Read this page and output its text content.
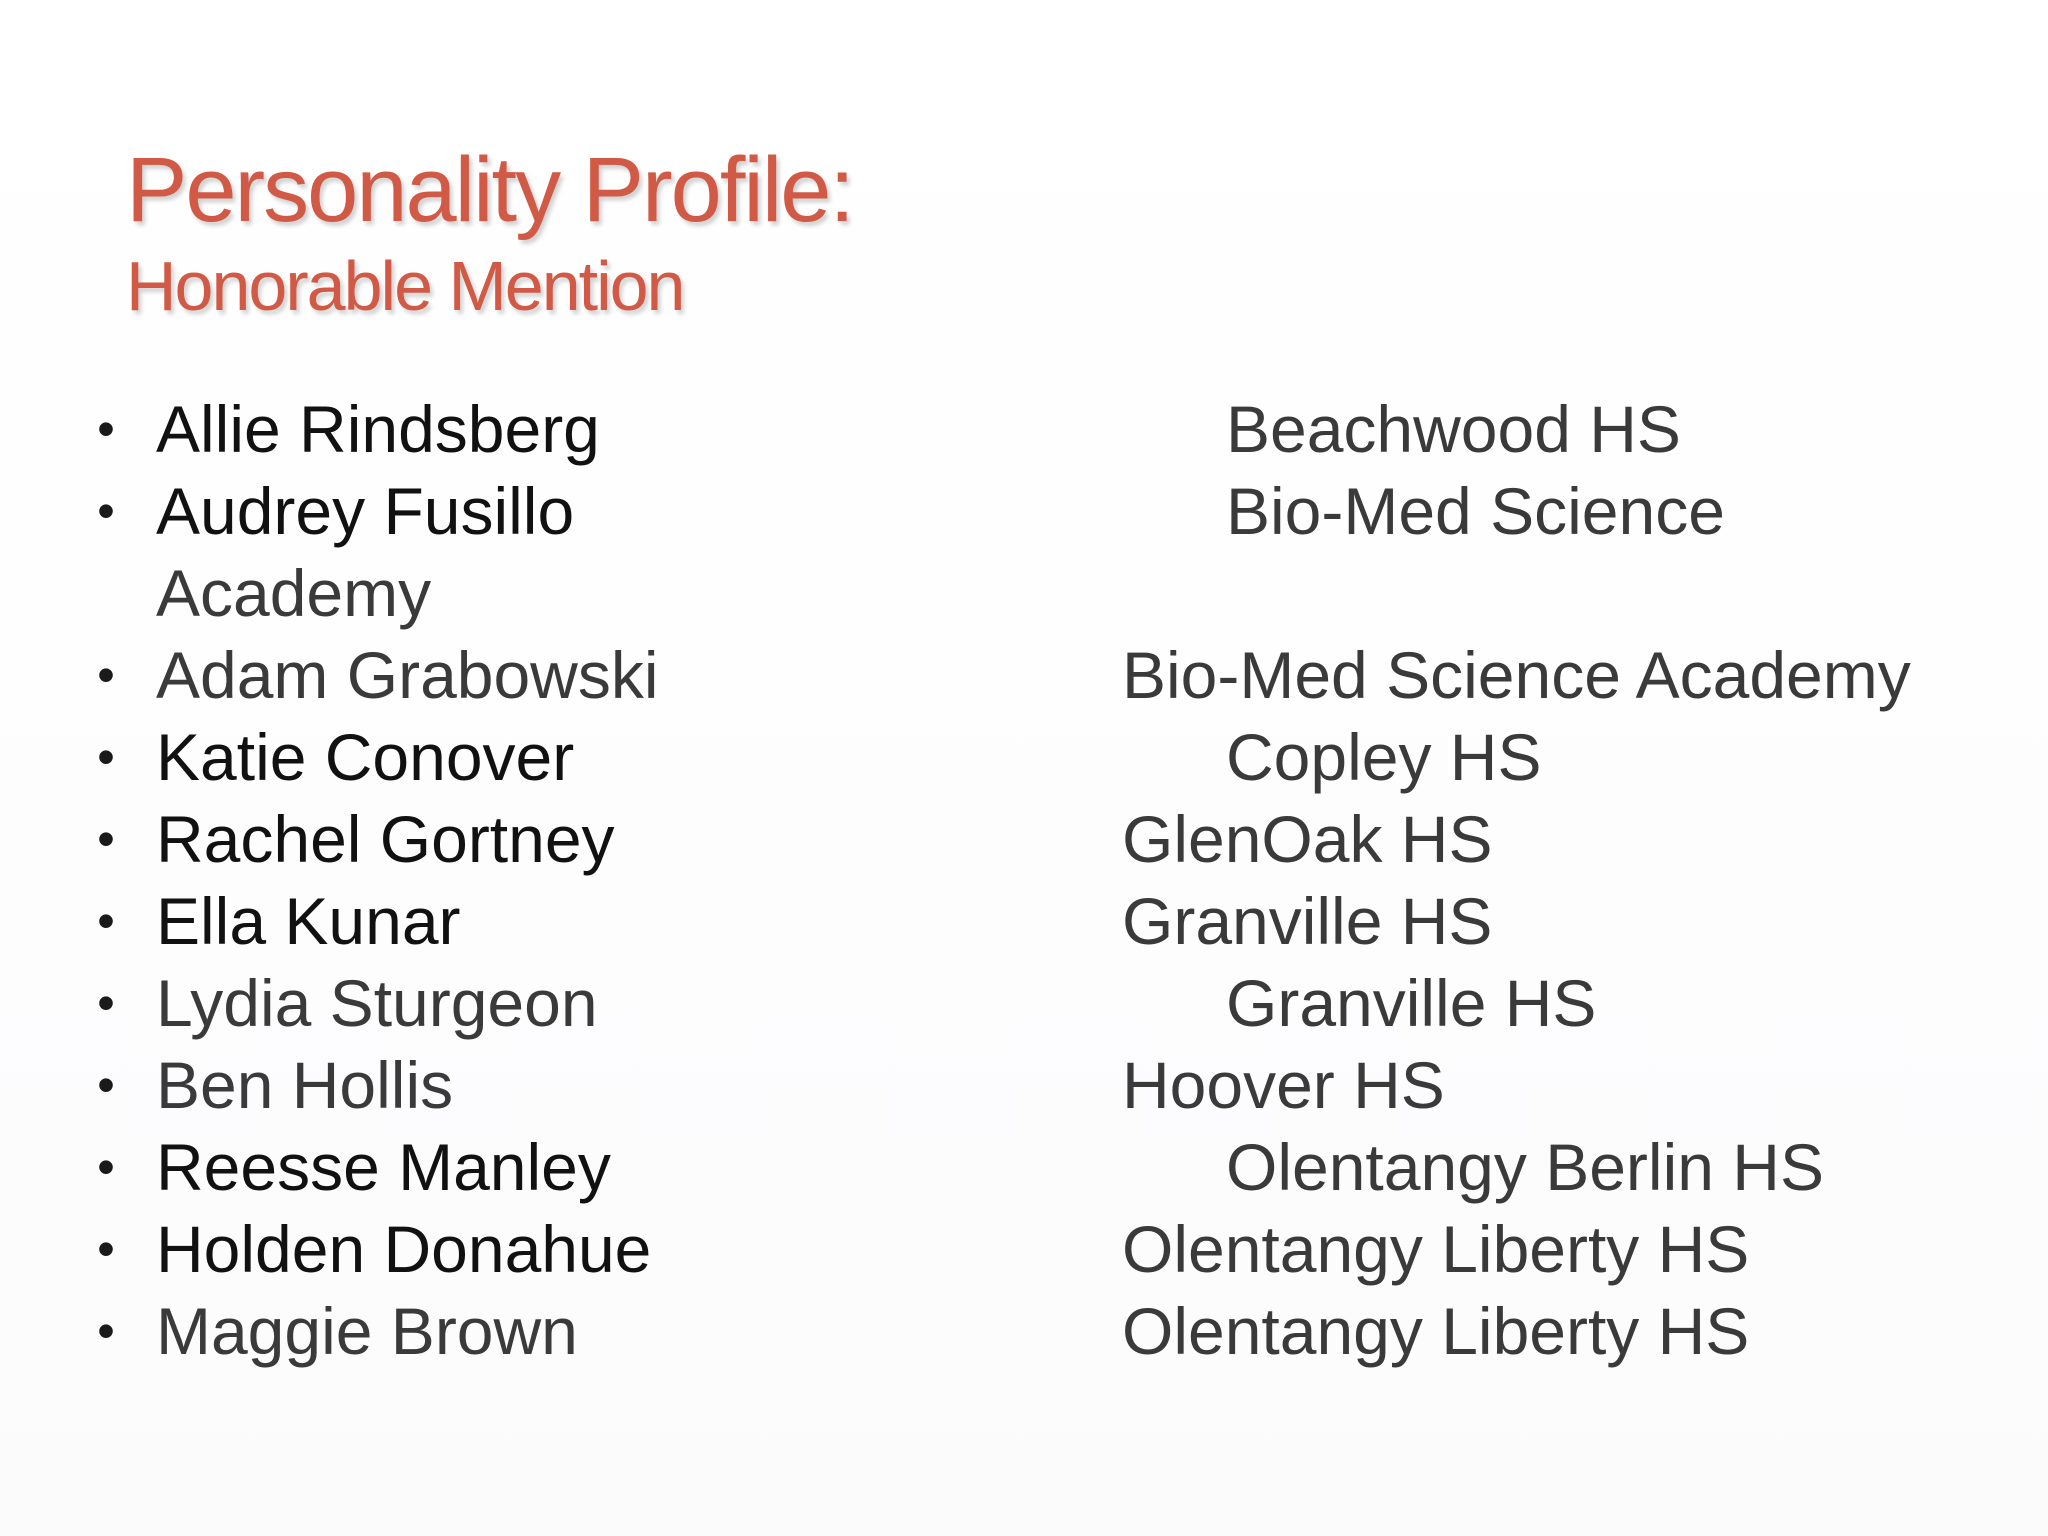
Personality Profile:
Honorable Mention
• Allie Rindsberg	Beachwood HS
• Audrey Fusillo	Bio-Med Science
Academy
• Adam Grabowski	Bio-Med Science Academy
• Katie Conover	Copley HS
• Rachel Gortney	GlenOak HS
• Ella Kunar	Granville HS
• Lydia Sturgeon	Granville HS
• Ben Hollis	Hoover HS
• Reesse Manley	Olentangy Berlin HS
• Holden Donahue	Olentangy Liberty HS
• Maggie Brown	Olentangy Liberty HS
